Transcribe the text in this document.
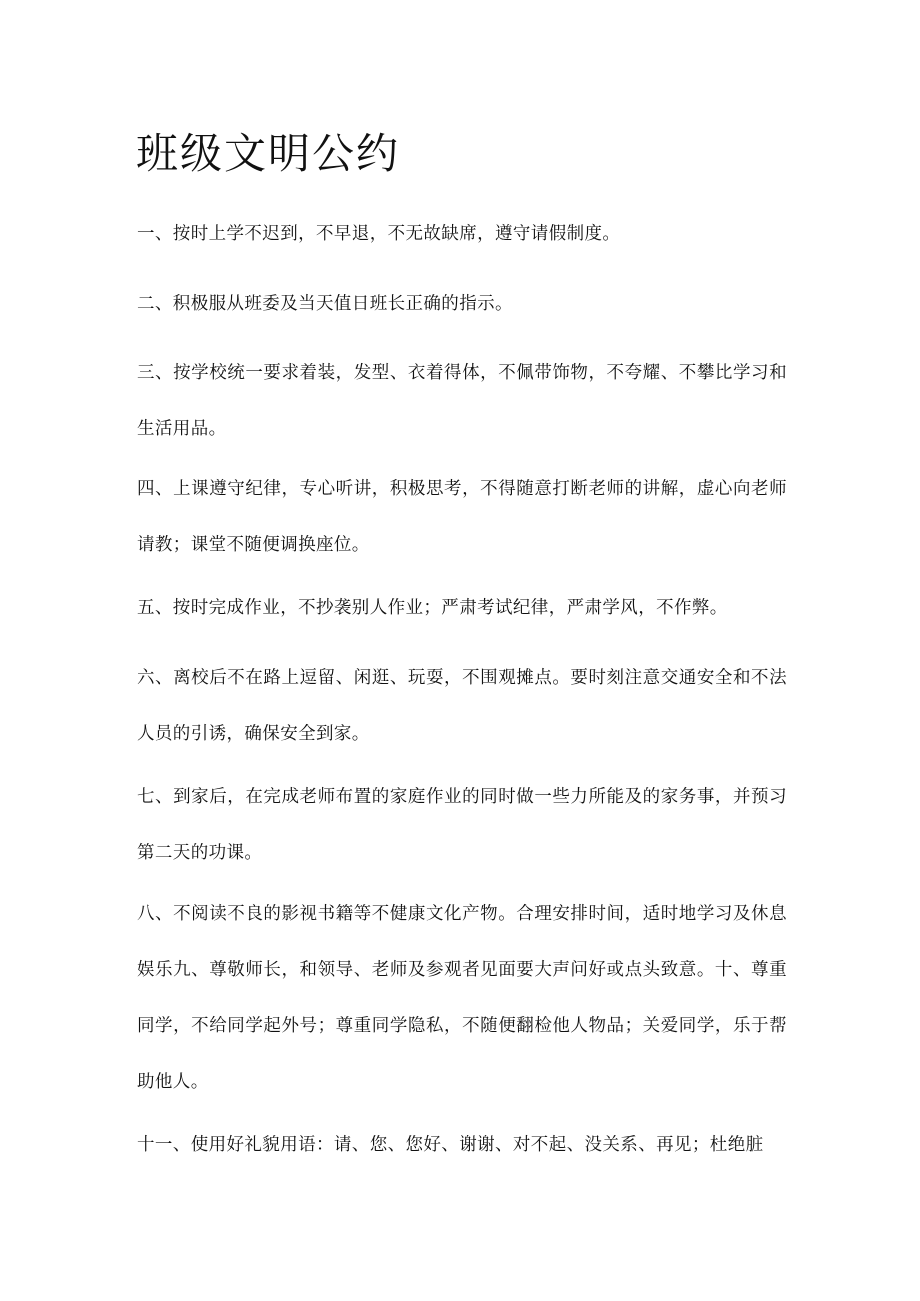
班级文明公约

一、按时上学不迟到，不早退，不无故缺席，遵守请假制度。

二、积极服从班委及当天值日班长正确的指示。

三、按学校统一要求着装，发型、衣着得体，不佩带饰物，不夸耀、不攀比学习和生活用品。

四、上课遵守纪律，专心听讲，积极思考，不得随意打断老师的讲解，虚心向老师请教；课堂不随便调换座位。

五、按时完成作业，不抄袭别人作业；严肃考试纪律，严肃学风，不作弊。

六、离校后不在路上逗留、闲逛、玩耍，不围观摊点。要时刻注意交通安全和不法人员的引诱，确保安全到家。

七、到家后，在完成老师布置的家庭作业的同时做一些力所能及的家务事，并预习第二天的功课。

八、不阅读不良的影视书籍等不健康文化产物。合理安排时间，适时地学习及休息娱乐九、尊敬师长，和领导、老师及参观者见面要大声问好或点头致意。十、尊重同学，不给同学起外号；尊重同学隐私，不随便翻检他人物品；关爱同学，乐于帮助他人。

十一、使用好礼貌用语：请、您、您好、谢谢、对不起、没关系、再见；杜绝脏
